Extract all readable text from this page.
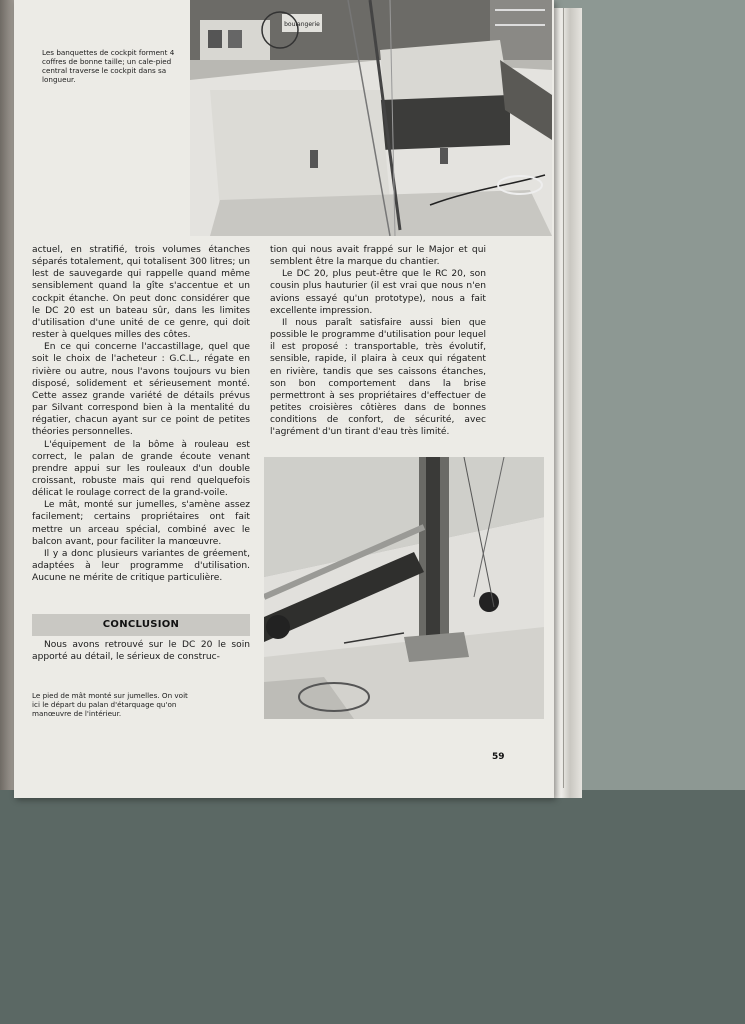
boulangerie
Les banquettes de cockpit forment 4 coffres de bonne taille; un cale-pied central traverse le cockpit dans sa longueur.

actuel, en stratifié, trois volumes étanches séparés totalement, qui totalisent 300 litres; un lest de sauvegarde qui rappelle quand même sensiblement quand la gîte s'accentue et un cockpit étanche. On peut donc considérer que le DC 20 est un bateau sûr, dans les limites d'utilisation d'une unité de ce genre, qui doit rester à quelques milles des côtes.

En ce qui concerne l'accastillage, quel que soit le choix de l'acheteur : G.C.L., régate en rivière ou autre, nous l'avons toujours vu bien disposé, solidement et sérieusement monté. Cette assez grande variété de détails prévus par Silvant correspond bien à la mentalité du régatier, chacun ayant sur ce point de petites théories personnelles.

L'équipement de la bôme à rouleau est correct, le palan de grande écoute venant prendre appui sur les rouleaux d'un double croissant, robuste mais qui rend quelquefois délicat le roulage correct de la grand-voile.

Le mât, monté sur jumelles, s'amène assez facilement; certains propriétaires ont fait mettre un arceau spécial, combiné avec le balcon avant, pour faciliter la manœuvre.

Il y a donc plusieurs variantes de gréement, adaptées à leur programme d'utilisation. Aucune ne mérite de critique particulière.

CONCLUSION

Nous avons retrouvé sur le DC 20 le soin apporté au détail, le sérieux de construc-

tion qui nous avait frappé sur le Major et qui semblent être la marque du chantier.

Le DC 20, plus peut-être que le RC 20, son cousin plus hauturier (il est vrai que nous n'en avions essayé qu'un prototype), nous a fait excellente impression.

Il nous paraît satisfaire aussi bien que possible le programme d'utilisation pour lequel il est proposé : transportable, très évolutif, sensible, rapide, il plaira à ceux qui régatent en rivière, tandis que ses caissons étanches, son bon comportement dans la brise permettront à ses propriétaires d'effectuer de petites croisières côtières dans de bonnes conditions de confort, de sécurité, avec l'agrément d'un tirant d'eau très limité.

Le pied de mât monté sur jumelles. On voit ici le départ du palan d'étarquage qu'on manœuvre de l'intérieur.
59
